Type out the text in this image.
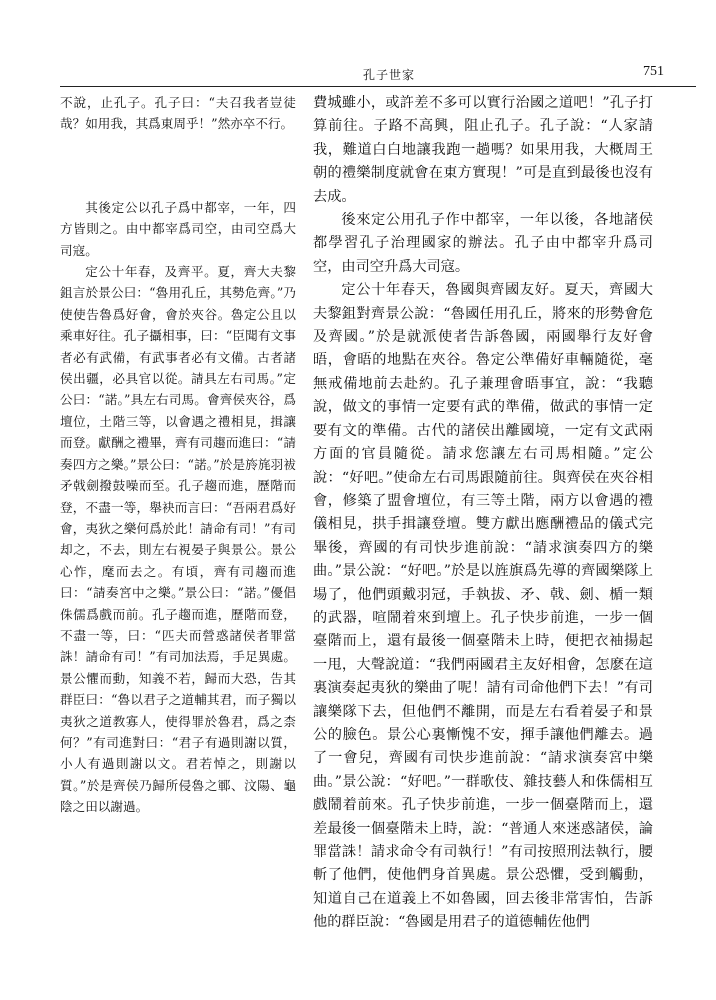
孔子世家	751

不說，止孔子。孔子曰：“夫召我者豈徒哉？如用我，其爲東周乎！”然亦卒不行。

其後定公以孔子爲中都宰，一年，四方皆則之。由中都宰爲司空，由司空爲大司寇。

定公十年春，及齊平。夏，齊大夫黎鉏言於景公曰：“魯用孔丘，其勢危齊。”乃使使告魯爲好會，會於夾谷。魯定公且以乘車好往。孔子攝相事，曰：“臣聞有文事者必有武備，有武事者必有文備。古者諸侯出疆，必具官以從。請具左右司馬。”定公曰：“諾。”具左右司馬。會齊侯夾谷，爲壇位，土階三等，以會遇之禮相見，揖讓而登。獻酬之禮畢，齊有司趨而進曰：“請奏四方之樂。”景公曰：“諾。”於是旍旄羽袚矛戟劍撥鼓噪而至。孔子趨而進，歷階而登，不盡一等，舉袂而言曰：“吾兩君爲好會，夷狄之樂何爲於此！請命有司！”有司却之，不去，則左右視晏子與景公。景公心怍，麾而去之。有頃，齊有司趨而進曰：“請奏宮中之樂。”景公曰：“諾。”優倡侏儒爲戲而前。孔子趨而進，歷階而登，不盡一等，曰：“匹夫而營惑諸侯者罪當誅！請命有司！”有司加法焉，手足異處。景公懼而動，知義不若，歸而大恐，告其群臣曰：“魯以君子之道輔其君，而子獨以夷狄之道教寡人，使得罪於魯君，爲之柰何？”有司進對曰：“君子有過則謝以質，小人有過則謝以文。君若悼之，則謝以質。”於是齊侯乃歸所侵魯之鄆、汶陽、龜陰之田以謝過。

費城雖小，或許差不多可以實行治國之道吧！”孔子打算前往。子路不高興，阻止孔子。孔子說：“人家請我，難道白白地讓我跑一趟嗎？如果用我，大概周王朝的禮樂制度就會在東方實現！”可是直到最後也沒有去成。

後來定公用孔子作中都宰，一年以後，各地諸侯都學習孔子治理國家的辦法。孔子由中都宰升爲司空，由司空升爲大司寇。

定公十年春天，魯國與齊國友好。夏天，齊國大夫黎鉏對齊景公說：“魯國任用孔丘，將來的形勢會危及齊國。”於是就派使者告訴魯國，兩國舉行友好會晤，會晤的地點在夾谷。魯定公準備好車輛隨從，毫無戒備地前去赴約。孔子兼理會晤事宜，說：“我聽說，做文的事情一定要有武的準備，做武的事情一定要有文的準備。古代的諸侯出離國境，一定有文武兩方面的官員隨從。請求您讓左右司馬相隨。”定公說：“好吧。”使命左右司馬跟隨前往。與齊侯在夾谷相會，修築了盟會壇位，有三等土階，兩方以會遇的禮儀相見，拱手揖讓登壇。雙方獻出應酬禮品的儀式完畢後，齊國的有司快步進前說：“請求演奏四方的樂曲。”景公說：“好吧。”於是以旌旗爲先導的齊國樂隊上場了，他們頭戴羽冠，手執拔、矛、戟、劍、楯一類的武器，喧鬧着來到壇上。孔子快步前進，一步一個臺階而上，還有最後一個臺階未上時，便把衣袖揚起一甩，大聲說道：“我們兩國君主友好相會，怎麽在這裏演奏起夷狄的樂曲了呢！請有司命他們下去！”有司讓樂隊下去，但他們不離開，而是左右看着晏子和景公的臉色。景公心裏慚愧不安，揮手讓他們離去。過了一會兒，齊國有司快步進前說：“請求演奏宮中樂曲。”景公說：“好吧。”一群歌伎、雜技藝人和侏儒相互戲鬧着前來。孔子快步前進，一步一個臺階而上，還差最後一個臺階未上時，說：“普通人來迷惑諸侯，論罪當誅！請求命令有司執行！”有司按照刑法執行，腰斬了他們，使他們身首異處。景公恐懼，受到觸動，知道自己在道義上不如魯國，回去後非常害怕，告訴他的群臣說：“魯國是用君子的道德輔佐他們
